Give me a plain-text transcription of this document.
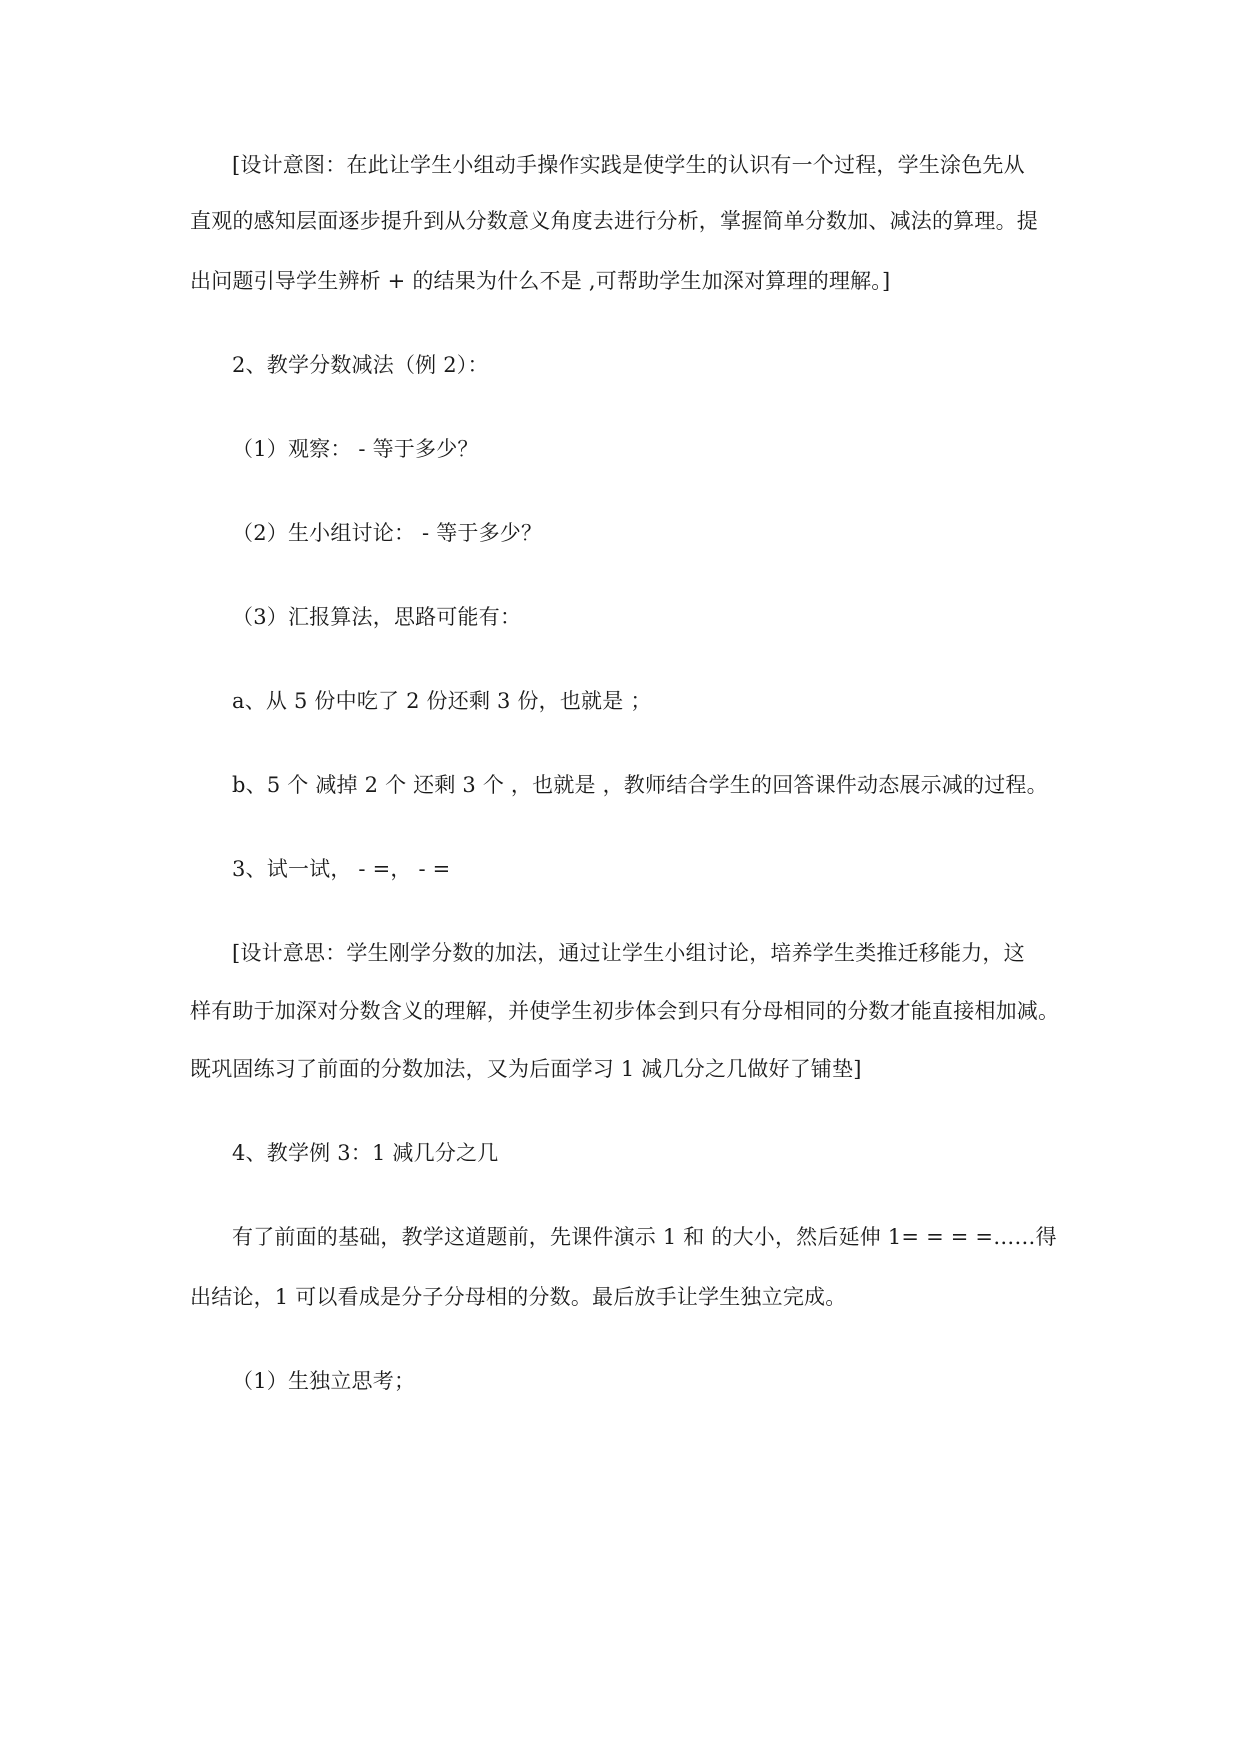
[设计意图：在此让学生小组动手操作实践是使学生的认识有一个过程，学生涂色先从
直观的感知层面逐步提升到从分数意义角度去进行分析，掌握简单分数加、减法的算理。提
出问题引导学生辨析 + 的结果为什么不是 ,可帮助学生加深对算理的理解。]
2、教学分数减法（例 2）：
（1）观察： - 等于多少？
（2）生小组讨论： - 等于多少？
（3）汇报算法，思路可能有：
a、从 5 份中吃了 2 份还剩 3 份，也就是 ；
b、5 个 减掉 2 个 还剩 3 个 ，也就是 ，教师结合学生的回答课件动态展示减的过程。
3、试一试， - =， - =
[设计意思：学生刚学分数的加法，通过让学生小组讨论，培养学生类推迁移能力，这
样有助于加深对分数含义的理解，并使学生初步体会到只有分母相同的分数才能直接相加减。
既巩固练习了前面的分数加法，又为后面学习 1 减几分之几做好了铺垫]
4、教学例 3：1 减几分之几
有了前面的基础，教学这道题前，先课件演示 1 和 的大小，然后延伸 1= = = =……得
出结论，1 可以看成是分子分母相的分数。最后放手让学生独立完成。
（1）生独立思考；
